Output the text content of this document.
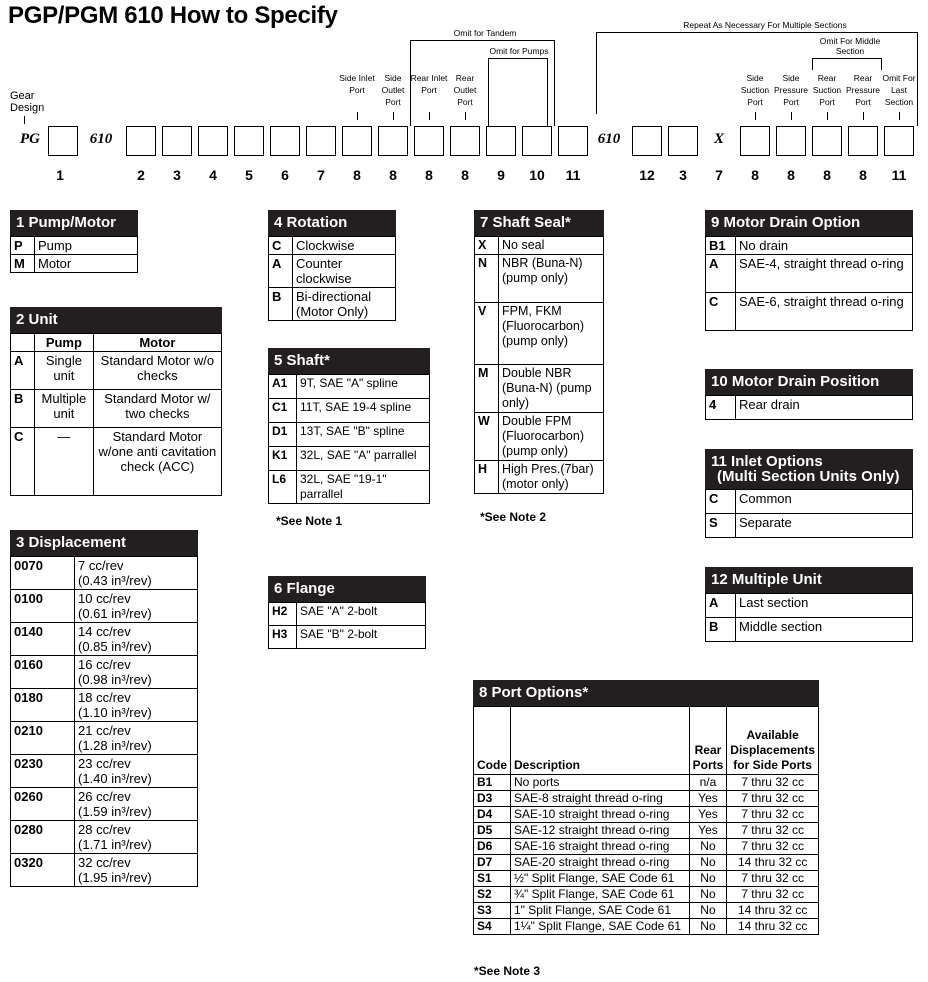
PGP/PGM 610 How to Specify
Gear Design
PG	610	610	X
1	2	3	4	5	6	7	8	8	8	8	9	10	11	12	3	7	8	8	8	8	11
Side Inlet Port
Side Outlet Port
Rear Inlet Port
Rear Outlet Port
Side Suction Port
Side Pressure Port
Rear Suction Port
Rear Pressure Port
Omit For Last Section
Omit for Tandem
Omit for Pumps
Repeat As Necessary For Multiple Sections
Omit For Middle Section
1 Pump/Motor
P	Pump
M	Motor
2 Unit
	Pump	Motor
A	Single unit	Standard Motor w/o checks
B	Multiple unit	Standard Motor w/ two checks
C	—	Standard Motor w/one anti cavitation check (ACC)
3 Displacement
0070	7 cc/rev
(0.43 in³/rev)

0100	10 cc/rev
(0.61 in³/rev)

0140	14 cc/rev
(0.85 in³/rev)

0160	16 cc/rev
(0.98 in³/rev)

0180	18 cc/rev
(1.10 in³/rev)

0210	21 cc/rev
(1.28 in³/rev)

0230	23 cc/rev
(1.40 in³/rev)

0260	26 cc/rev
(1.59 in³/rev)

0280	28 cc/rev
(1.71 in³/rev)

0320	32 cc/rev
(1.95 in³/rev)
4 Rotation
C	Clockwise
A	Counter clockwise
B	Bi-directional (Motor Only)
5 Shaft*
A1	9T, SAE "A" spline
C1	11T, SAE 19-4 spline
D1	13T, SAE "B" spline
K1	32L, SAE "A" parrallel
L6	32L, SAE "19-1" parrallel
*See Note 1
6 Flange
H2	SAE "A" 2-bolt
H3	SAE "B" 2-bolt
7 Shaft Seal*
X	No seal
N	NBR (Buna-N) (pump only)
V	FPM, FKM (Fluorocarbon) (pump only)
M	Double NBR (Buna-N) (pump only)
W	Double FPM (Fluorocarbon) (pump only)
H	High Pres.(7bar) (motor only)
*See Note 2
8 Port Options*
Code	Description	Rear Ports	Available Displacements for Side Ports
B1	No ports	n/a	7 thru 32 cc
D3	SAE-8 straight thread o-ring	Yes	7 thru 32 cc
D4	SAE-10 straight thread o-ring	Yes	7 thru 32 cc
D5	SAE-12 straight thread o-ring	Yes	7 thru 32 cc
D6	SAE-16 straight thread o-ring	No	7 thru 32 cc
D7	SAE-20 straight thread o-ring	No	14 thru 32 cc
S1	½" Split Flange, SAE Code 61	No	7 thru 32 cc
S2	¾" Split Flange, SAE Code 61	No	7 thru 32 cc
S3	1" Split Flange, SAE Code 61	No	14 thru 32 cc
S4	1¼" Split Flange, SAE Code 61	No	14 thru 32 cc
*See Note 3
9 Motor Drain Option
B1	No drain
A	SAE-4, straight thread o-ring
C	SAE-6, straight thread o-ring
10 Motor Drain Position
4	Rear drain
11 Inlet Options
(Multi Section Units Only)
C	Common
S	Separate
12 Multiple Unit
A	Last section
B	Middle section
